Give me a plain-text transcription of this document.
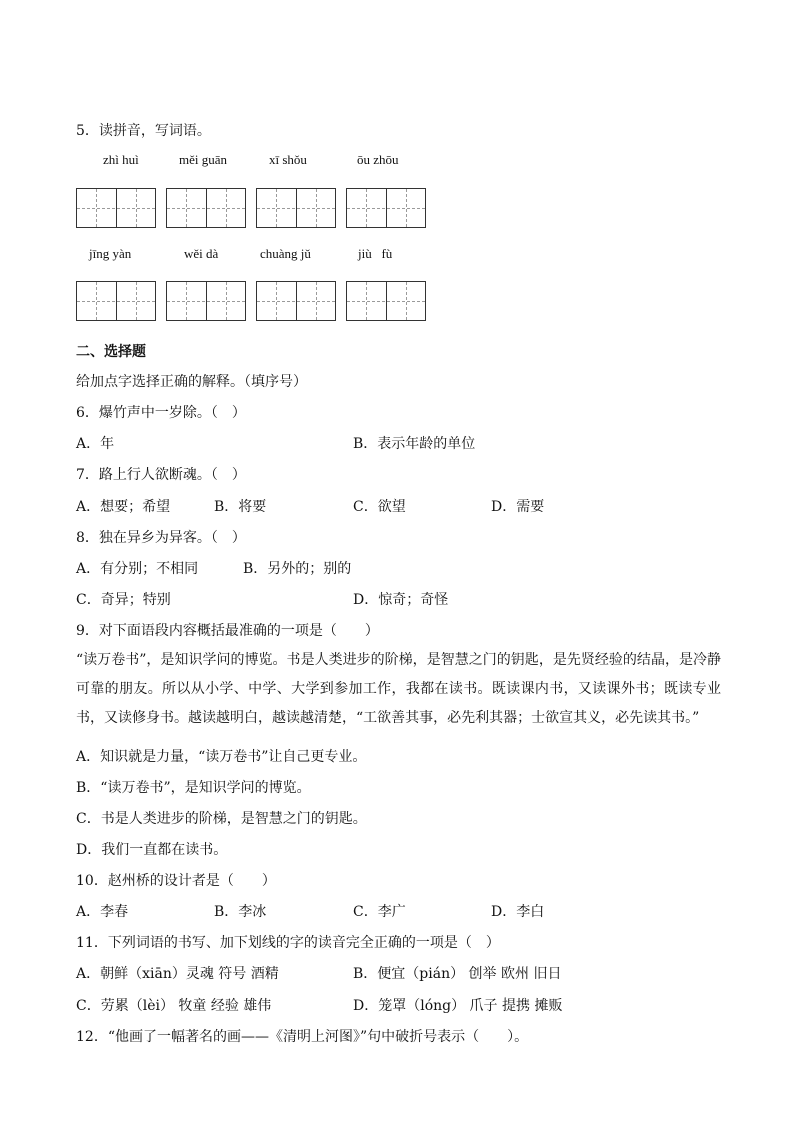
5．读拼音，写词语。
zhì huì	měi guān	xī shǒu	ōu zhōu
jīng yàn	wěi dà	chuàng jǔ	jiù   fù
二、选择题
给加点字选择正确的解释。（填序号）
6．爆竹声中一岁除。（　）
A．年	B．表示年龄的单位
7．路上行人欲断魂。（　）
A．想要；希望	B．将要	C．欲望	D．需要
8．独在异乡为异客。（　）
A．有分别；不相同	B．另外的；别的
C．奇异；特别	D．惊奇；奇怪
9．对下面语段内容概括最准确的一项是（　　）
“读万卷书”，是知识学问的博览。书是人类进步的阶梯，是智慧之门的钥匙，是先贤经验的结晶，是冷静可靠的朋友。所以从小学、中学、大学到参加工作，我都在读书。既读课内书，又读课外书；既读专业书，又读修身书。越读越明白，越读越清楚，“工欲善其事，必先利其器；士欲宣其义，必先读其书。”
A．知识就是力量，“读万卷书”让自己更专业。
B．“读万卷书”，是知识学问的博览。
C．书是人类进步的阶梯，是智慧之门的钥匙。
D．我们一直都在读书。
10．赵州桥的设计者是（　　）
A．李春	B．李冰	C．李广	D．李白
11．下列词语的书写、加下划线的字的读音完全正确的一项是（　）
A．朝鲜（xiān）灵魂 符号 酒精	B．便宜（pián） 创举 欧州 旧日
C．劳累（lèi） 牧童 经验 雄伟	D．笼罩（lóng） 爪子 提携 摊贩
12．“他画了一幅著名的画——《清明上河图》”句中破折号表示（　　）。
